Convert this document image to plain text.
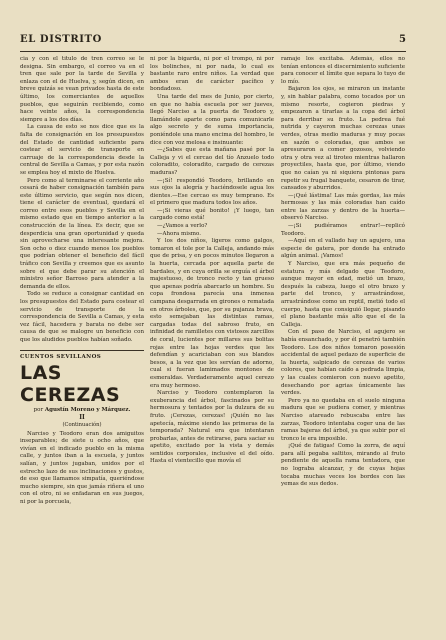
EL DISTRITO	5

cia y con el título de tren correo se le designa. Sin embargo, el correo va en el tren que sale por la tarde de Sevilla y enlaza con el de Huelva, y, según dicen, en breve quizás se vean privados hasta de este último, los comerciantes de aquellos pueblos, que seguirán recibiendo, como hace veinte años, la correspondencia siempre a los dos días.

La causa de esto se nos dice que es la falta de consignación en los presupuestos del Estado de cantidad suficiente para costear el servicio de transporte en carruaje de la correspondencia desde la central de Sevilla a Camas, y por esta razón se emplea hoy el mixto de Huelva.

Pero como al terminarse el corriente año cesará de haber consignación también para este último servicio, que según nos dicen, tiene el carácter de eventual, quedará el correo entre esos pueblos y Sevilla en el mismo estado que en tiempo anterior a la construcción de la línea. Es decir, que se desperdicia una gran oportunidad y queda sin aprovecharse una interesante mejora. Son ocho o diez cuando menos los pueblos que podrían obtener el beneficio del fácil tráfico con Sevilla y creemos que es asunto sobre el que debe parar su atención el ministro señor Barroso para atender a la demanda de ellos.

Todo se reduce a consignar cantidad en los presupuestos del Estado para costear el servicio de transporte de la correspondencia de Sevilla a Camas, y esta vez fácil, hacedera y barata no debe ser causa de que se malogre un beneficio con que los aludidos pueblos habían soñado.

CUENTOS SEVILLANOS
LAS CEREZAS
por Agustín Moreno y Márquez.
II
(Continuación)

Narciso y Teodoro eran dos amiguitos inseparables; de siete u ocho años, que vivían en el indicado pueblo en la misma calle, y juntos iban a la escuela, y juntos salían, y juntos jugaban, unidos por el estrecho lazo de sus inclinaciones y gustos, de eso que llamamos simpatía, queriéndose mucho siempre, sin que jamás riñera el uno con el otro, ni se enfadaran en sus juegos, ni por la porcuela,

ni por la bigarda, ni por el trompo, ni por los bolinches, ni por nada, lo cual es bastante raro entre niños. La verdad que ambos eran de carácter pacífico y bondadoso.

Una tarde del mes de Junio, por cierto, en que no había escuela por ser jueves, llegó Narciso a la puerta de Teodoro y, llamándole aparte como para comunicarle algo secreto y de suma importancia, poniéndole una mano encima del hombro, le dice con voz melosa e insinuante:

—¿Sabes que esta mañana pasé por la Calleja y vi el cercao del tío Anzuelo todo coloradito, coloradito, cargado de cerezas maduras?

—¡Sí! respondió Teodoro, brillando en sus ojos la alegría y haciéndosele agua los dientes.—Ese cercao es muy temprano. Es el primero que madura todos los años.

—¡Si vieras qué bonito! ¡Y luego, tan cargado como está!

—¿Vamos a verlo?

—Ahora mismo.

Y los dos niños, ligeros como galgos, tomaron el tole por la Calleja, andando más que de prisa, y en pocos minutos llegaron a la huerta, cercada por aquella parte de bardales, y en cuya orilla se erguía el árbol majestuoso, de tronco recto y tan grueso que apenas podría abarcarlo un hombre. Su copa frondosa parecía una inmensa campana desgarrada en girones o rematada en otros árboles, que, por su pujanza brava, esto semejaban las distintas ramas, cargadas todas del sabroso fruto, en infinidad de ramilletes con vistosos zarcillos de coral, lucientes por millares sus bolitas rojas entre las hojas verdes que les defendían y acariciaban con sus blandos besos, a la vez que les servían de adorno, cual si fueran lamimados montones de esmeraldas. Verdaderamente aquel cerezo era muy hermoso.

Narciso y Teodoro contemplaron la exuberancia del árbol, fascinados por su hermosura y tentados por la dulzura de su fruto. ¡Cerezas, cerezas! ¡Quién no las apetecía, máxime siendo las primeras de la temporada? Natural era que intentaran probarlas, antes de retirarse, para saciar su apetito, excitado por la vista y demás sentidos corporales, inclusive el del oído. Hasta el vientecillo que movía el

ramaje los excitaba. Además, ellos no tenían entonces el discernimiento suficiente para conocer el límite que separa lo tuyo de lo mío.

Bajaron los ojos, se miraron un instante y, sin hablar palabra, como tocados por un mismo resorte, cogieron piedras y empezaron a tirarlas a la copa del árbol para derribar su fruto. La pedrea fué nutrida y cayeron muchas cerezas unas verdes, otras medio maduras y muy pocas en sazón o coloradas, que ambos se apresuraron a comer gozosos, volviendo otra y otra vez al tiroteo mientras hallaron proyectiles, hasta que, por último, viendo que no caían ya ni siquiera pintonas para repetir su frugal banquete, cesaron de tirar, cansados y aburridos.

—¡Qué lástima! Las más gordas, las más hermosas y las más coloradas han caído entre las zarzas y dentro de la huerta—observó Narciso.

—¡Si pudiéramos entrar!—replicó Teodoro.

—Aquí en el vallado hay un agujero, una especie de gatera, por donde ha entrado algún animal. ¡Vamos!

Y Narciso, que era más pequeño de estatura y más delgado que Teodoro, aunque mayor en edad, metió un brazo, después la cabeza, luego el otro brazo y parte del tronco, y arrastrándose, arrastrándose como un reptil, metió todo el cuerpo, hasta que consiguió llegar, pisando el plano bastante más alto que el de la Calleja.

Con el paso de Narciso, el agujero se había ensanchado, y por él penetró también Teodoro. Los dos niños tomaron posesión accidental de aquel pedazo de superficie de la huerta, salpicado de cerezas de varios colores, que habían caído a pedrada limpia, y las cuales comieron con nuevo apetito, desechando por agrias únicamente las verdes.

Pero ya no quedaba en el suelo ninguna madura que se pudiera comer, y mientras Narciso atareado rebuscaba entre las zarzas, Teodoro intentaba coger una de las ramas bajeras del árbol, ya que subir por el tronco le era imposible.

¡Qué de fatigas! Como la zorra, de aquí para allí pegaba saltitos, mirando al fruto pendiente de aquella rama tentadora, que no lograba alcanzar, y de cuyas hojas tocaba muchas veces los bordes con las yemas de sus dedos.
